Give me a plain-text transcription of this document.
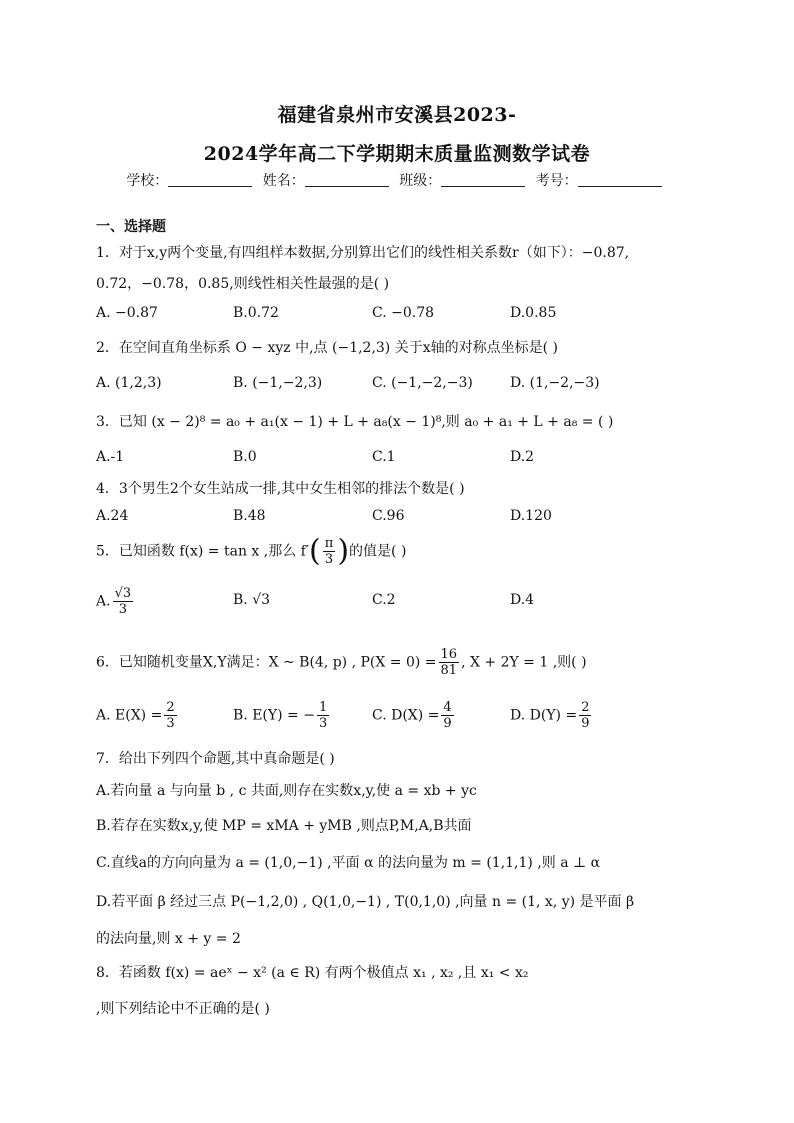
福建省泉州市安溪县2023-
2024学年高二下学期期末质量监测数学试卷
学校：	姓名：	班级：	考号：
一、选择题
1．对于x,y两个变量,有四组样本数据,分别算出它们的线性相关系数r（如下）：−0.87,
0.72，−0.78，0.85,则线性相关性最强的是( )
A. −0.87	B.0.72	C. −0.78	D.0.85
2．在空间直角坐标系 O − xyz 中,点 (−1,2,3) 关于x轴的对称点坐标是( )
A. (1,2,3)	B. (−1,−2,3)	C. (−1,−2,−3)	D. (1,−2,−3)
3．已知 (x − 2)⁸ = a₀ + a₁(x − 1) + L + a₈(x − 1)⁸,则 a₀ + a₁ + L + a₈ = ( )
A.-1	B.0	C.1	D.2
4．3个男生2个女生站成一排,其中女生相邻的排法个数是( )
A.24	B.48	C.96	D.120
5．已知函数 f(x) = tan x ,那么 $f'( \frac{\pi}{3}$ )的值是( )
A. $\frac{√3}{3}$	B. √3	C.2	D.4
6．已知随机变量X,Y满足：X ~ B(4, p) , $P(X = 0) = \frac{16}{81}$ , X + 2Y = 1 ,则( )
A. $E(X) = \frac{2}{3}$	B. E(Y) = − $\frac{1}{3}$	C. $D(X) = \frac{4}{9}$	D. $D(Y) = \frac{2}{9}$
7．给出下列四个命题,其中真命题是( )
A.若向量 a 与向量 b , c 共面,则存在实数x,y,使 a = xb + yc
B.若存在实数x,y,使 MP = xMA + yMB ,则点P,M,A,B共面
C.直线a的方向向量为 a = (1,0,−1) ,平面 α 的法向量为 m = (1,1,1) ,则 a ⊥ α
D.若平面 β 经过三点 P(−1,2,0) , Q(1,0,−1) , T(0,1,0) ,向量 n = (1, x, y) 是平面 β
的法向量,则 x + y = 2
8．若函数 f(x) = aeˣ − x² (a ∈ R) 有两个极值点 x₁ , x₂ ,且 x₁ < x₂
,则下列结论中不正确的是( )
